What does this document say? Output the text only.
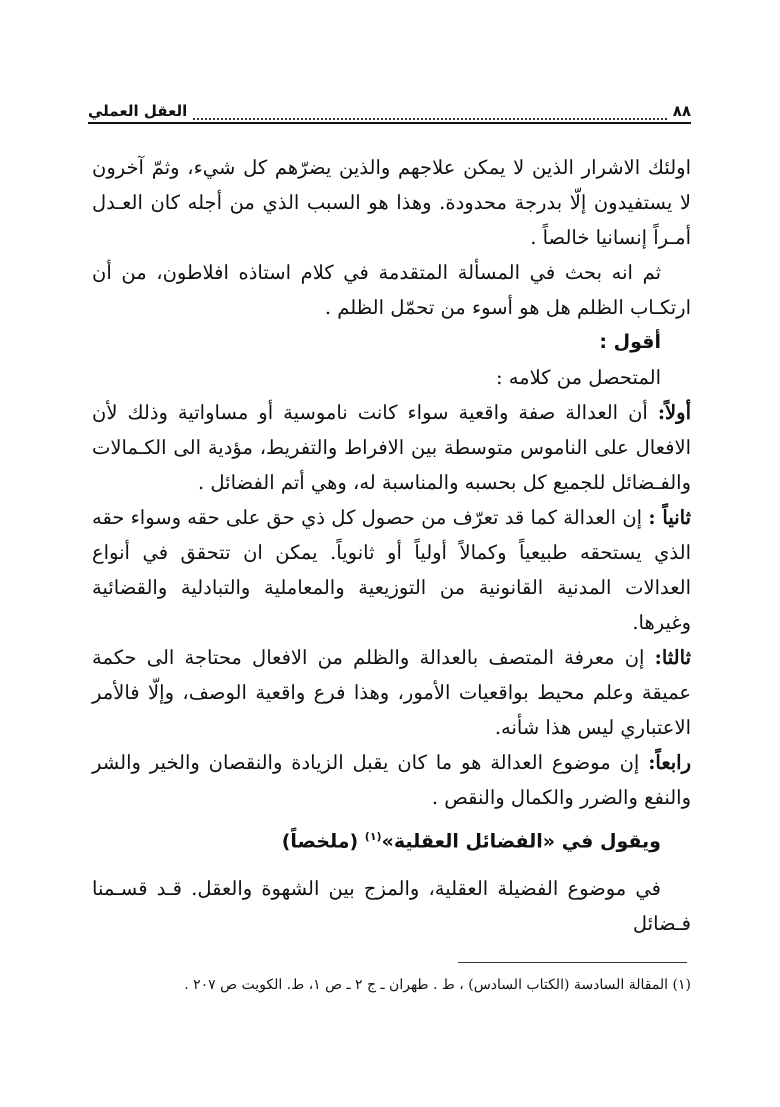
٨٨
العقل العملي

اولئك الاشرار الذين لا يمكن علاجهم والذين يضرّهم كل شيء، وثمّ آخرون لا يستفيدون إلّا بدرجة محدودة. وهذا هو السبب الذي من أجله كان العـدل أمـراً إنسانيا خالصاً .

ثم انه بحث في المسألة المتقدمة في كلام استاذه افلاطون، من أن ارتكـاب الظلم هل هو أسوء من تحمّل الظلم .

أقول :

المتحصل من كلامه :

أولاً: أن العدالة صفة واقعية سواء كانت ناموسية أو مساواتية وذلك لأن الافعال على الناموس متوسطة بين الافراط والتفريط، مؤدية الى الكـمالات والفـضائل للجميع كل بحسبه والمناسبة له، وهي أتم الفضائل .

ثانياً : إن العدالة كما قد تعرّف من حصول كل ذي حق على حقه وسواء حقه الذي يستحقه طبيعياً وكمالاً أولياً أو ثانوياً. يمكن ان تتحقق في أنواع العدالات المدنية القانونية من التوزيعية والمعاملية والتبادلية والقضائية وغيرها.

ثالثا: إن معرفة المتصف بالعدالة والظلم من الافعال محتاجة الى حكمة عميقة وعلم محيط بواقعيات الأمور، وهذا فرع واقعية الوصف، وإلّا فالأمر الاعتباري ليس هذا شأنه.

رابعاً: إن موضوع العدالة هو ما كان يقبل الزيادة والنقصان والخير والشر والنفع والضرر والكمال والنقص .

ويقول في «الفضائل العقلية»$^{(١)}$ (ملخصاً)

في موضوع الفضيلة العقلية، والمزج بين الشهوة والعقل. قـد قسـمنا فـضائل

(١) المقالة السادسة (الكتاب السادس) ، ط . طهران ـ ج ٢ ـ ص ١، ط. الكويت ص ٢٠٧ .
